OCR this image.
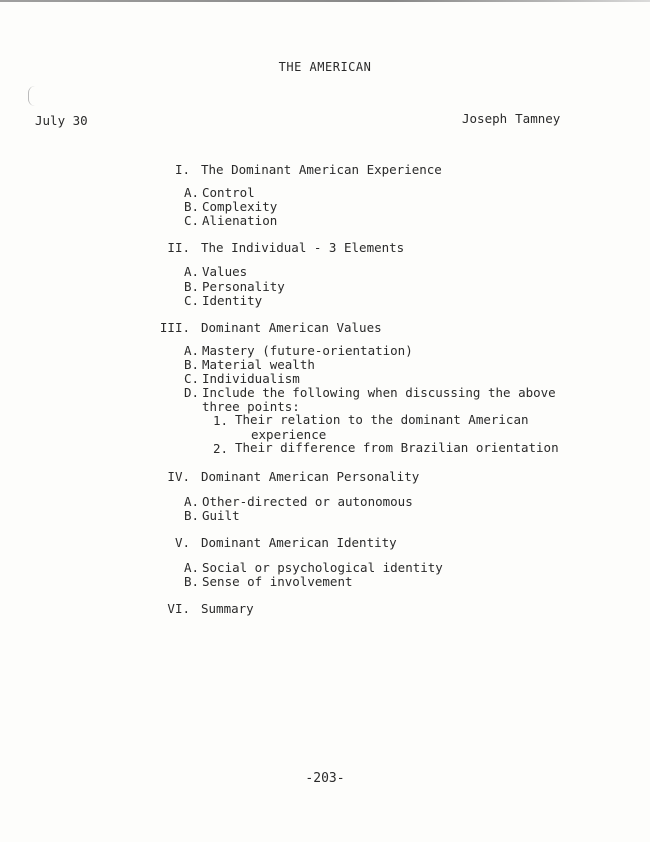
THE AMERICAN
July 30	Joseph Tamney
I. The Dominant American Experience
A. Control
B. Complexity
C. Alienation
II. The Individual - 3 Elements
A. Values
B. Personality
C. Identity
III. Dominant American Values
A. Mastery (future-orientation)
B. Material wealth
C. Individualism
D. Include the following when discussing the above
three points:
1. Their relation to the dominant American
experience
2. Their difference from Brazilian orientation
IV. Dominant American Personality
A. Other-directed or autonomous
B. Guilt
V. Dominant American Identity
A. Social or psychological identity
B. Sense of involvement
VI. Summary
-203-
